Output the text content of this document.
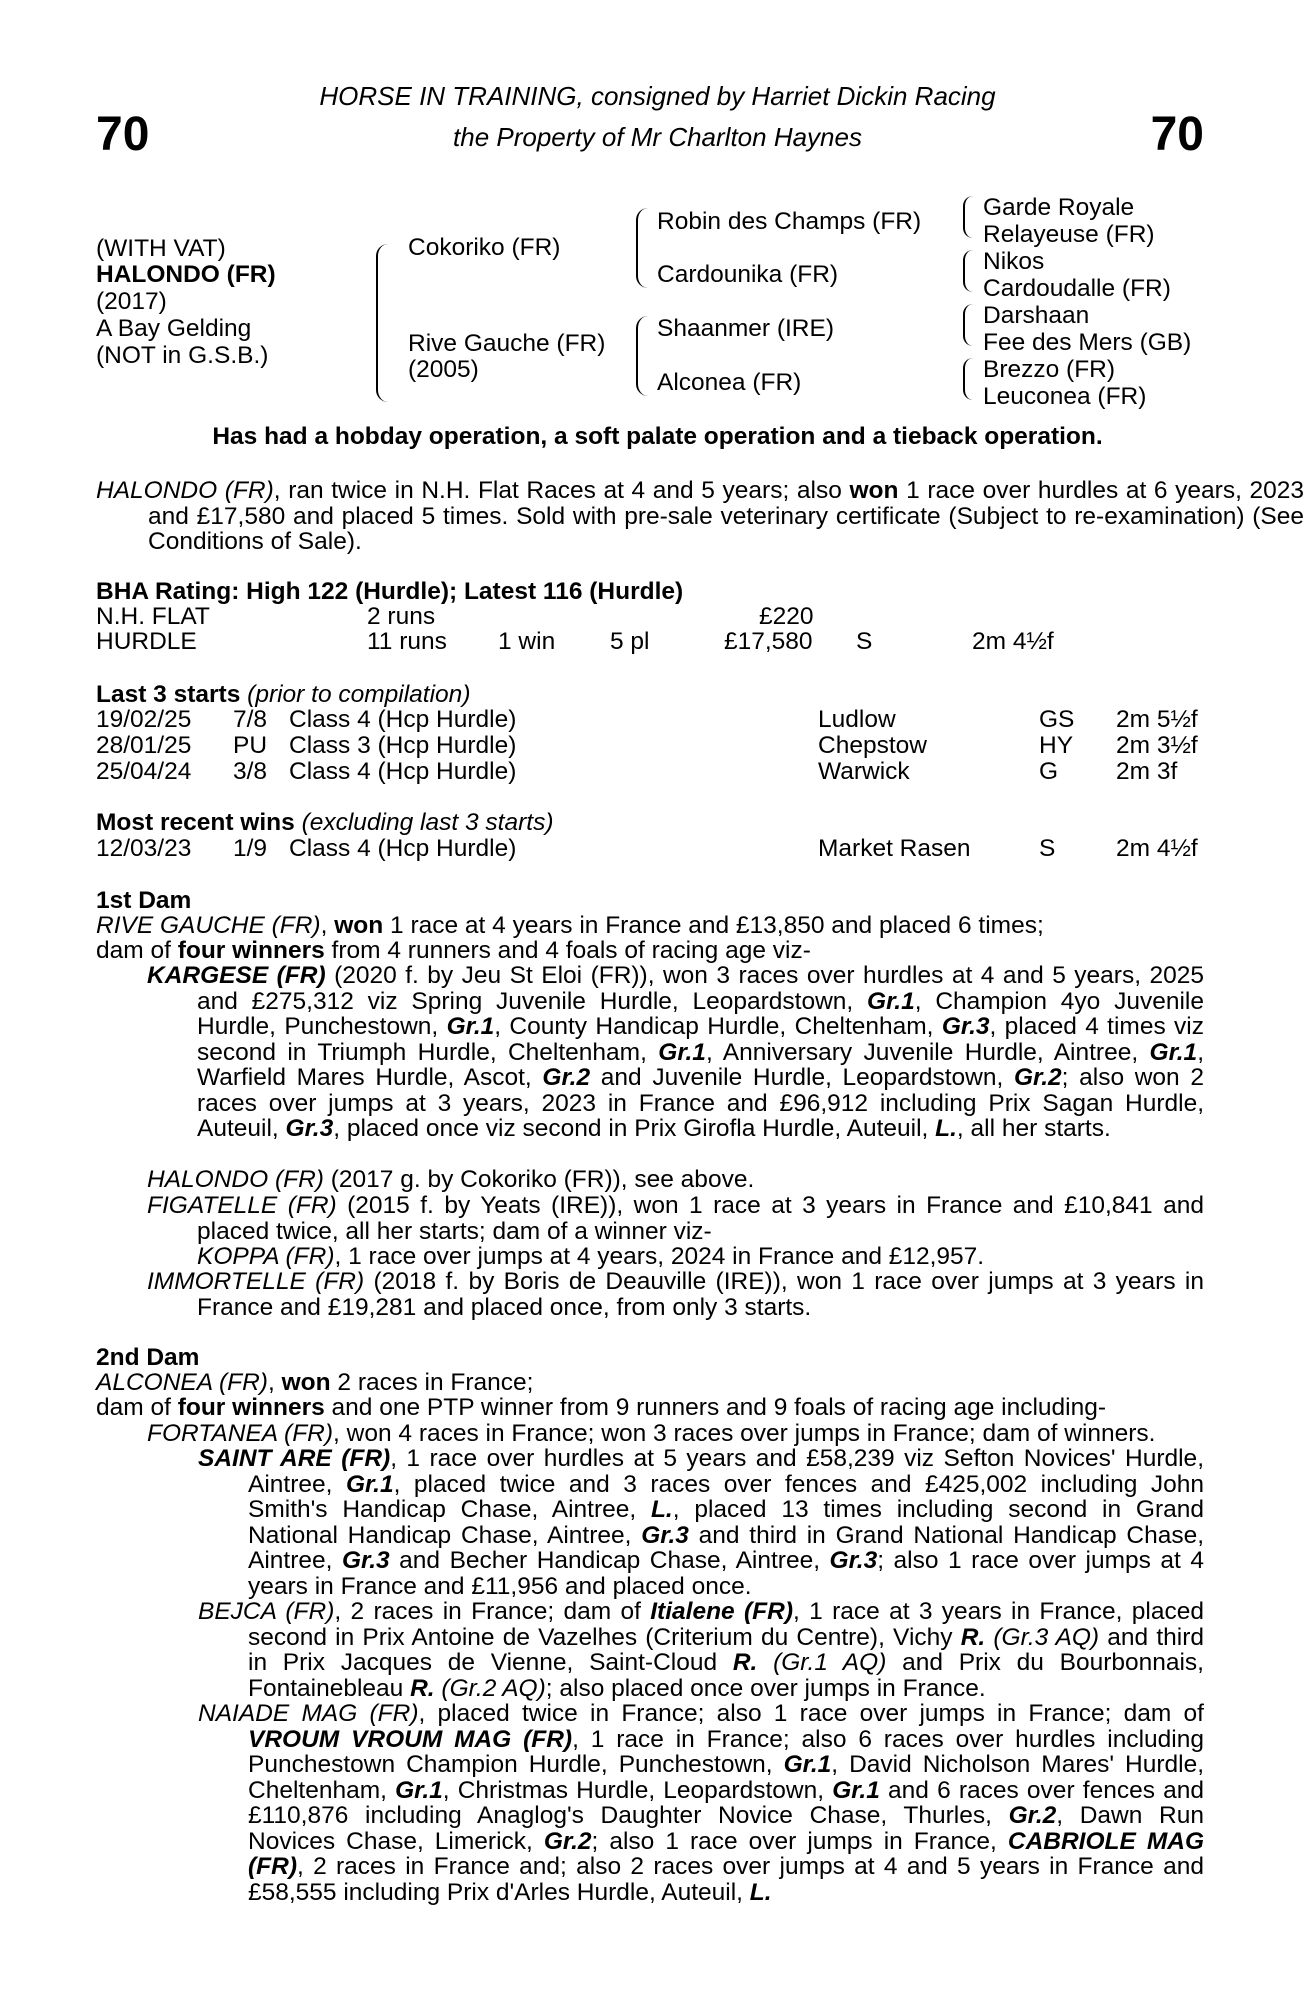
70	70
HORSE IN TRAINING, consigned by Harriet Dickin Racing
the Property of Mr Charlton Haynes
(WITH VAT)
HALONDO (FR)
(2017)
A Bay Gelding
(NOT in G.S.B.)
Cokoriko (FR)
Rive Gauche (FR)
(2005)
Robin des Champs (FR)
Cardounika (FR)
Shaanmer (IRE)
Alconea (FR)
Garde Royale
Relayeuse (FR)
Nikos
Cardoudalle (FR)
Darshaan
Fee des Mers (GB)
Brezzo (FR)
Leuconea (FR)
Has had a hobday operation, a soft palate operation and a tieback operation.
HALONDO (FR), ran twice in N.H. Flat Races at 4 and 5 years; also won 1 race over hurdles at 6 years, 2023 and £17,580 and placed 5 times. Sold with pre-sale veterinary certificate (Subject to re-examination) (See Conditions of Sale).
BHA Rating: High 122 (Hurdle); Latest 116 (Hurdle)
N.H. FLAT	2 runs	£220
HURDLE	11 runs 1 win 5 pl	£17,580 S	2m 4½f
Last 3 starts (prior to compilation)
19/02/25 7/8 Class 4 (Hcp Hurdle)	Ludlow	GS 2m 5½f
28/01/25 PU Class 3 (Hcp Hurdle)	Chepstow	HY 2m 3½f
25/04/24 3/8 Class 4 (Hcp Hurdle)	Warwick	G 2m 3f
Most recent wins (excluding last 3 starts)
12/03/23 1/9 Class 4 (Hcp Hurdle)	Market Rasen	S 2m 4½f
1st Dam
RIVE GAUCHE (FR), won 1 race at 4 years in France and £13,850 and placed 6 times;
dam of four winners from 4 runners and 4 foals of racing age viz-
KARGESE (FR) (2020 f. by Jeu St Eloi (FR)), won 3 races over hurdles at 4 and 5 years, 2025 and £275,312 viz Spring Juvenile Hurdle, Leopardstown, Gr.1, Champion 4yo Juvenile Hurdle, Punchestown, Gr.1, County Handicap Hurdle, Cheltenham, Gr.3, placed 4 times viz second in Triumph Hurdle, Cheltenham, Gr.1, Anniversary Juvenile Hurdle, Aintree, Gr.1, Warfield Mares Hurdle, Ascot, Gr.2 and Juvenile Hurdle, Leopardstown, Gr.2; also won 2 races over jumps at 3 years, 2023 in France and £96,912 including Prix Sagan Hurdle, Auteuil, Gr.3, placed once viz second in Prix Girofla Hurdle, Auteuil, L., all her starts.
HALONDO (FR) (2017 g. by Cokoriko (FR)), see above.
FIGATELLE (FR) (2015 f. by Yeats (IRE)), won 1 race at 3 years in France and £10,841 and placed twice, all her starts; dam of a winner viz-
KOPPA (FR), 1 race over jumps at 4 years, 2024 in France and £12,957.
IMMORTELLE (FR) (2018 f. by Boris de Deauville (IRE)), won 1 race over jumps at 3 years in France and £19,281 and placed once, from only 3 starts.
2nd Dam
ALCONEA (FR), won 2 races in France;
dam of four winners and one PTP winner from 9 runners and 9 foals of racing age including-
FORTANEA (FR), won 4 races in France; won 3 races over jumps in France; dam of winners.
SAINT ARE (FR), 1 race over hurdles at 5 years and £58,239 viz Sefton Novices' Hurdle, Aintree, Gr.1, placed twice and 3 races over fences and £425,002 including John Smith's Handicap Chase, Aintree, L., placed 13 times including second in Grand National Handicap Chase, Aintree, Gr.3 and third in Grand National Handicap Chase, Aintree, Gr.3 and Becher Handicap Chase, Aintree, Gr.3; also 1 race over jumps at 4 years in France and £11,956 and placed once.
BEJCA (FR), 2 races in France; dam of Itialene (FR), 1 race at 3 years in France, placed second in Prix Antoine de Vazelhes (Criterium du Centre), Vichy R. (Gr.3 AQ) and third in Prix Jacques de Vienne, Saint-Cloud R. (Gr.1 AQ) and Prix du Bourbonnais, Fontainebleau R. (Gr.2 AQ); also placed once over jumps in France.
NAIADE MAG (FR), placed twice in France; also 1 race over jumps in France; dam of VROUM VROUM MAG (FR), 1 race in France; also 6 races over hurdles including Punchestown Champion Hurdle, Punchestown, Gr.1, David Nicholson Mares' Hurdle, Cheltenham, Gr.1, Christmas Hurdle, Leopardstown, Gr.1 and 6 races over fences and £110,876 including Anaglog's Daughter Novice Chase, Thurles, Gr.2, Dawn Run Novices Chase, Limerick, Gr.2; also 1 race over jumps in France, CABRIOLE MAG (FR), 2 races in France and; also 2 races over jumps at 4 and 5 years in France and £58,555 including Prix d'Arles Hurdle, Auteuil, L.
